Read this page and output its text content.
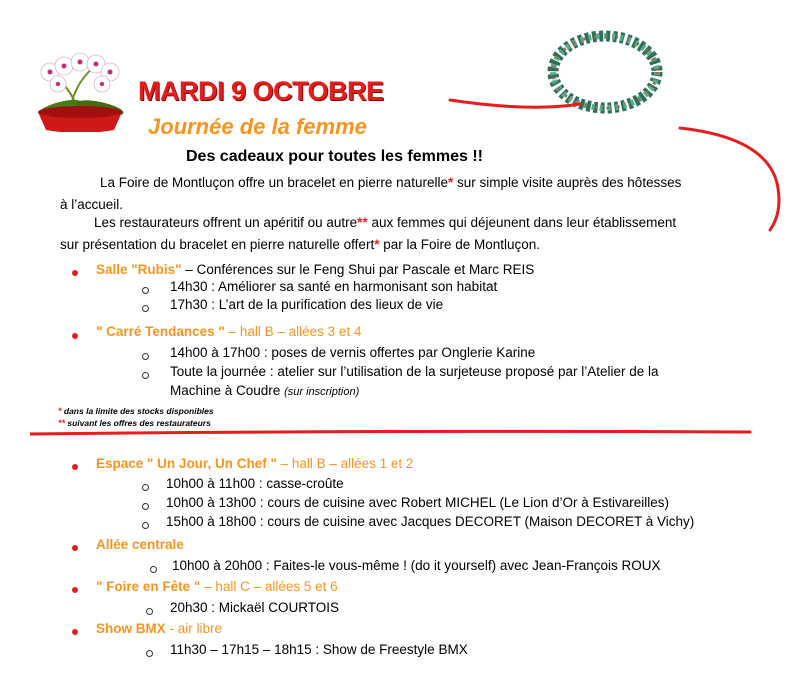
MARDI 9 OCTOBRE
Journée de la femme
Des cadeaux pour toutes les femmes !!
La Foire de Montluçon offre un bracelet en pierre naturelle* sur simple visite auprès des hôtesses
à l’accueil.
Les restaurateurs offrent un apéritif ou autre** aux femmes qui déjeunent dans leur établissement
sur présentation du bracelet en pierre naturelle offert* par la Foire de Montluçon.
Salle "Rubis" – Conférences sur le Feng Shui par Pascale et Marc REIS
14h30 : Améliorer sa santé en harmonisant son habitat
17h30 : L’art de la purification des lieux de vie
" Carré Tendances " – hall B – allées 3 et 4
14h00 à 17h00 : poses de vernis offertes par Onglerie Karine
Toute la journée : atelier sur l’utilisation de la surjeteuse proposé par l’Atelier de la
Machine à Coudre (sur inscription)
* dans la limite des stocks disponibles
** suivant les offres des restaurateurs
Espace " Un Jour, Un Chef " – hall B – allées 1 et 2
10h00 à 11h00 : casse-croûte
10h00 à 13h00 : cours de cuisine avec Robert MICHEL (Le Lion d’Or à Estivareilles)
15h00 à 18h00 : cours de cuisine avec Jacques DECORET (Maison DECORET à Vichy)
Allée centrale
10h00 à 20h00 : Faites-le vous-même ! (do it yourself) avec Jean-François ROUX
" Foire en Fête " – hall C – allées 5 et 6
20h30 : Mickaël COURTOIS
Show BMX - air libre
11h30 – 17h15 – 18h15 : Show de Freestyle BMX
